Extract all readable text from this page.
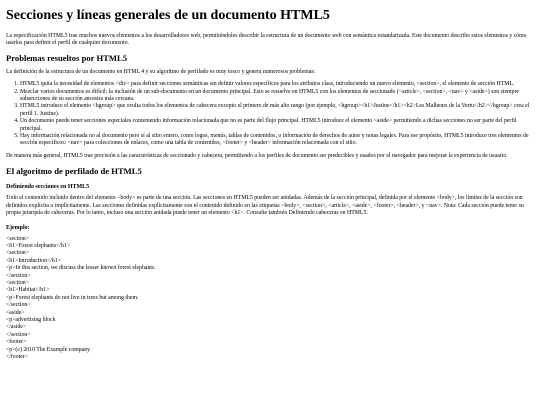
Secciones y líneas generales de un documento HTML5

La especificación HTML5 trae muchos nuevos elementos a los desarrolladores web, permitiéndoles describir la estructura de un documento web con semántica estandarizada. Este documento describe estos elementos y cómo usarlos para definir el perfil de cualquier documento.

Problemas resueltos por HTML5

La definición de la estructura de un documento en HTML 4 y su algoritmo de perfilado es muy tosco y genera numerosos problemas:

1. HTML5 quita la necesidad de elementos <div> para definir secciones semánticas sin definir valores específicos para los atributos class, introduciendo un nuevo elemento, <section>, el elemento de sección HTML.
2. Mezclar varios documentos es difícil: la inclusión de un sub-documento en un documento principal. Esto se resuelve en HTML5 con los elementos de seccionado (<article>, <section>, <nav> y <aside>) son siempre subsecciones de su sección ancestra más cercana.
3. HTML5 introduce el elemento <hgroup> que oculta todos los elementos de cabecera excepto el primero de más alto rango (por ejemplo, <hgroup><h1>Justine</h1><h2>Les Malheurs de la Vertu</h2></hgroup> crea el perfil 1. Justine).
4. Un documento puede tener secciones especiales conteniendo información relacionada que no es parte del flujo principal. HTML5 introduce el elemento <aside> permitiendo a dichas secciones no ser parte del perfil principal.
5. Hay información relacionada no al documento pero sí al sitio entero, como logos, menús, tablas de contenidos, o información de derechos de autor y notas legales. Para ese propósito, HTML5 introduce tres elementos de sección específicos: <nav> para colecciones de enlaces, como una tabla de contenidos, <footer> y <header> información relacionada con el sitio.

De manera más general, HTML5 trae precisión a las características de seccionado y cabecera, permitiendo a los perfiles de documento ser predecibles y usados por el navegador para mejorar la experiencia de usuario.

El algoritmo de perfilado de HTML5
Definiendo secciones en HTML5

Todo el contenido incluido dentro del elemento <body> es parte de una sección. Las secciones en HTML5 pueden ser anidadas. Además de la sección principal, definida por el elemento <body>, los límites de la sección son definidos explícita o implícitamente. Las secciones definidas explícitamente son el contenido definido en las etiquetas <body>, <section>, <article>, <aside>, <footer>, <header>, y <nav>. Nota: Cada sección puede tener su propia jerarquía de cabeceras. Por lo tanto, incluso una sección anidada puede tener un elemento <h1>. Consulte también Definiendo cabeceras en HTML5.

Ejemplo:
<section>
<h1>Forest elephants</h1>
<section>
<h1>Introduction</h1>
<p>In this section, we discuss the lesser known forest elephants.
</section>
<section>
<h1>Habitat</h1>
<p>Forest elephants do not live in trees but among them.
</section>
<aside>
<p>advertising block
</aside>
</section>
<footer>
<p>(c) 2010 The Example company
</footer>
